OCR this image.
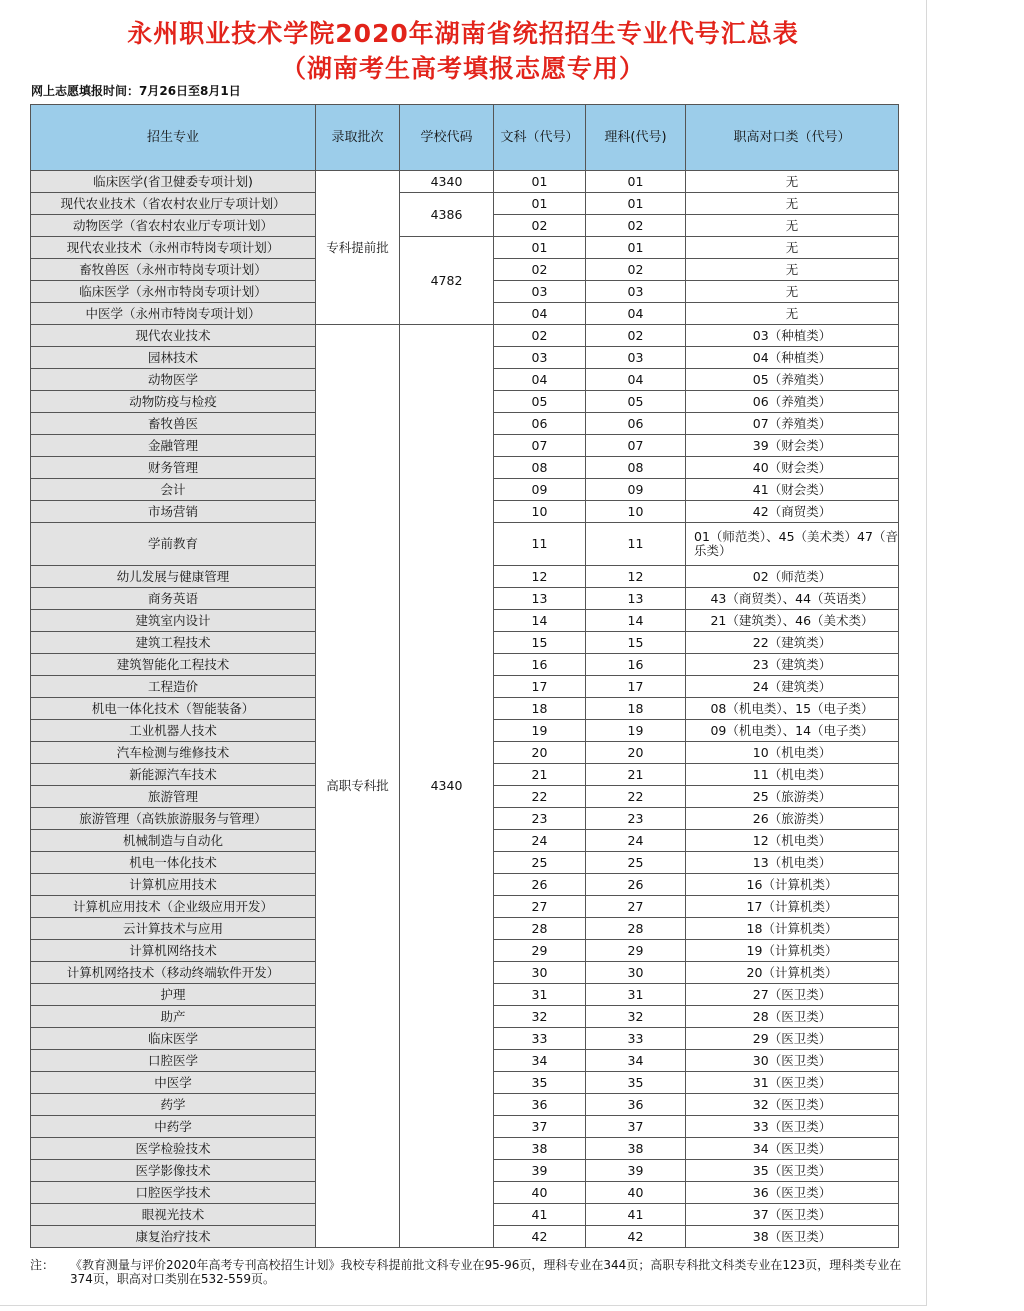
永州职业技术学院2020年湖南省统招招生专业代号汇总表
（湖南考生高考填报志愿专用）
网上志愿填报时间：7月26日至8月1日
招生专业	录取批次	学校代码	文科（代号）	理科(代号)	职高对口类（代号）
临床医学(省卫健委专项计划)	专科提前批	4340	01	01	无
现代农业技术（省农村农业厅专项计划）		4386	01	01	无
动物医学（省农村农业厅专项计划）			02	02	无
现代农业技术（永州市特岗专项计划）		4782	01	01	无
畜牧兽医（永州市特岗专项计划）			02	02	无
临床医学（永州市特岗专项计划）			03	03	无
中医学（永州市特岗专项计划）			04	04	无
现代农业技术	高职专科批	4340	02	02	03（种植类）
园林技术			03	03	04（种植类）
动物医学			04	04	05（养殖类）
动物防疫与检疫			05	05	06（养殖类）
畜牧兽医			06	06	07（养殖类）
金融管理			07	07	39（财会类）
财务管理			08	08	40（财会类）
会计			09	09	41（财会类）
市场营销			10	10	42（商贸类）
学前教育			11	11	01（师范类）、45（美术类）47（音乐类）
幼儿发展与健康管理			12	12	02（师范类）
商务英语			13	13	43（商贸类）、44（英语类）
建筑室内设计			14	14	21（建筑类）、46（美术类）
建筑工程技术			15	15	22（建筑类）
建筑智能化工程技术			16	16	23（建筑类）
工程造价			17	17	24（建筑类）
机电一体化技术（智能装备）			18	18	08（机电类）、15（电子类）
工业机器人技术			19	19	09（机电类）、14（电子类）
汽车检测与维修技术			20	20	10（机电类）
新能源汽车技术			21	21	11（机电类）
旅游管理			22	22	25（旅游类）
旅游管理（高铁旅游服务与管理）			23	23	26（旅游类）
机械制造与自动化			24	24	12（机电类）
机电一体化技术			25	25	13（机电类）
计算机应用技术			26	26	16（计算机类）
计算机应用技术（企业级应用开发）			27	27	17（计算机类）
云计算技术与应用			28	28	18（计算机类）
计算机网络技术			29	29	19（计算机类）
计算机网络技术（移动终端软件开发）			30	30	20（计算机类）
护理			31	31	27（医卫类）
助产			32	32	28（医卫类）
临床医学			33	33	29（医卫类）
口腔医学			34	34	30（医卫类）
中医学			35	35	31（医卫类）
药学			36	36	32（医卫类）
中药学			37	37	33（医卫类）
医学检验技术			38	38	34（医卫类）
医学影像技术			39	39	35（医卫类）
口腔医学技术			40	40	36（医卫类）
眼视光技术			41	41	37（医卫类）
康复治疗技术			42	42	38（医卫类）
注： 《教育测量与评价2020年高考专刊高校招生计划》我校专科提前批文科专业在95-96页，理科专业在344页；高职专科批文科类专业在123页，理科类专业在374页，职高对口类别在532-559页。
